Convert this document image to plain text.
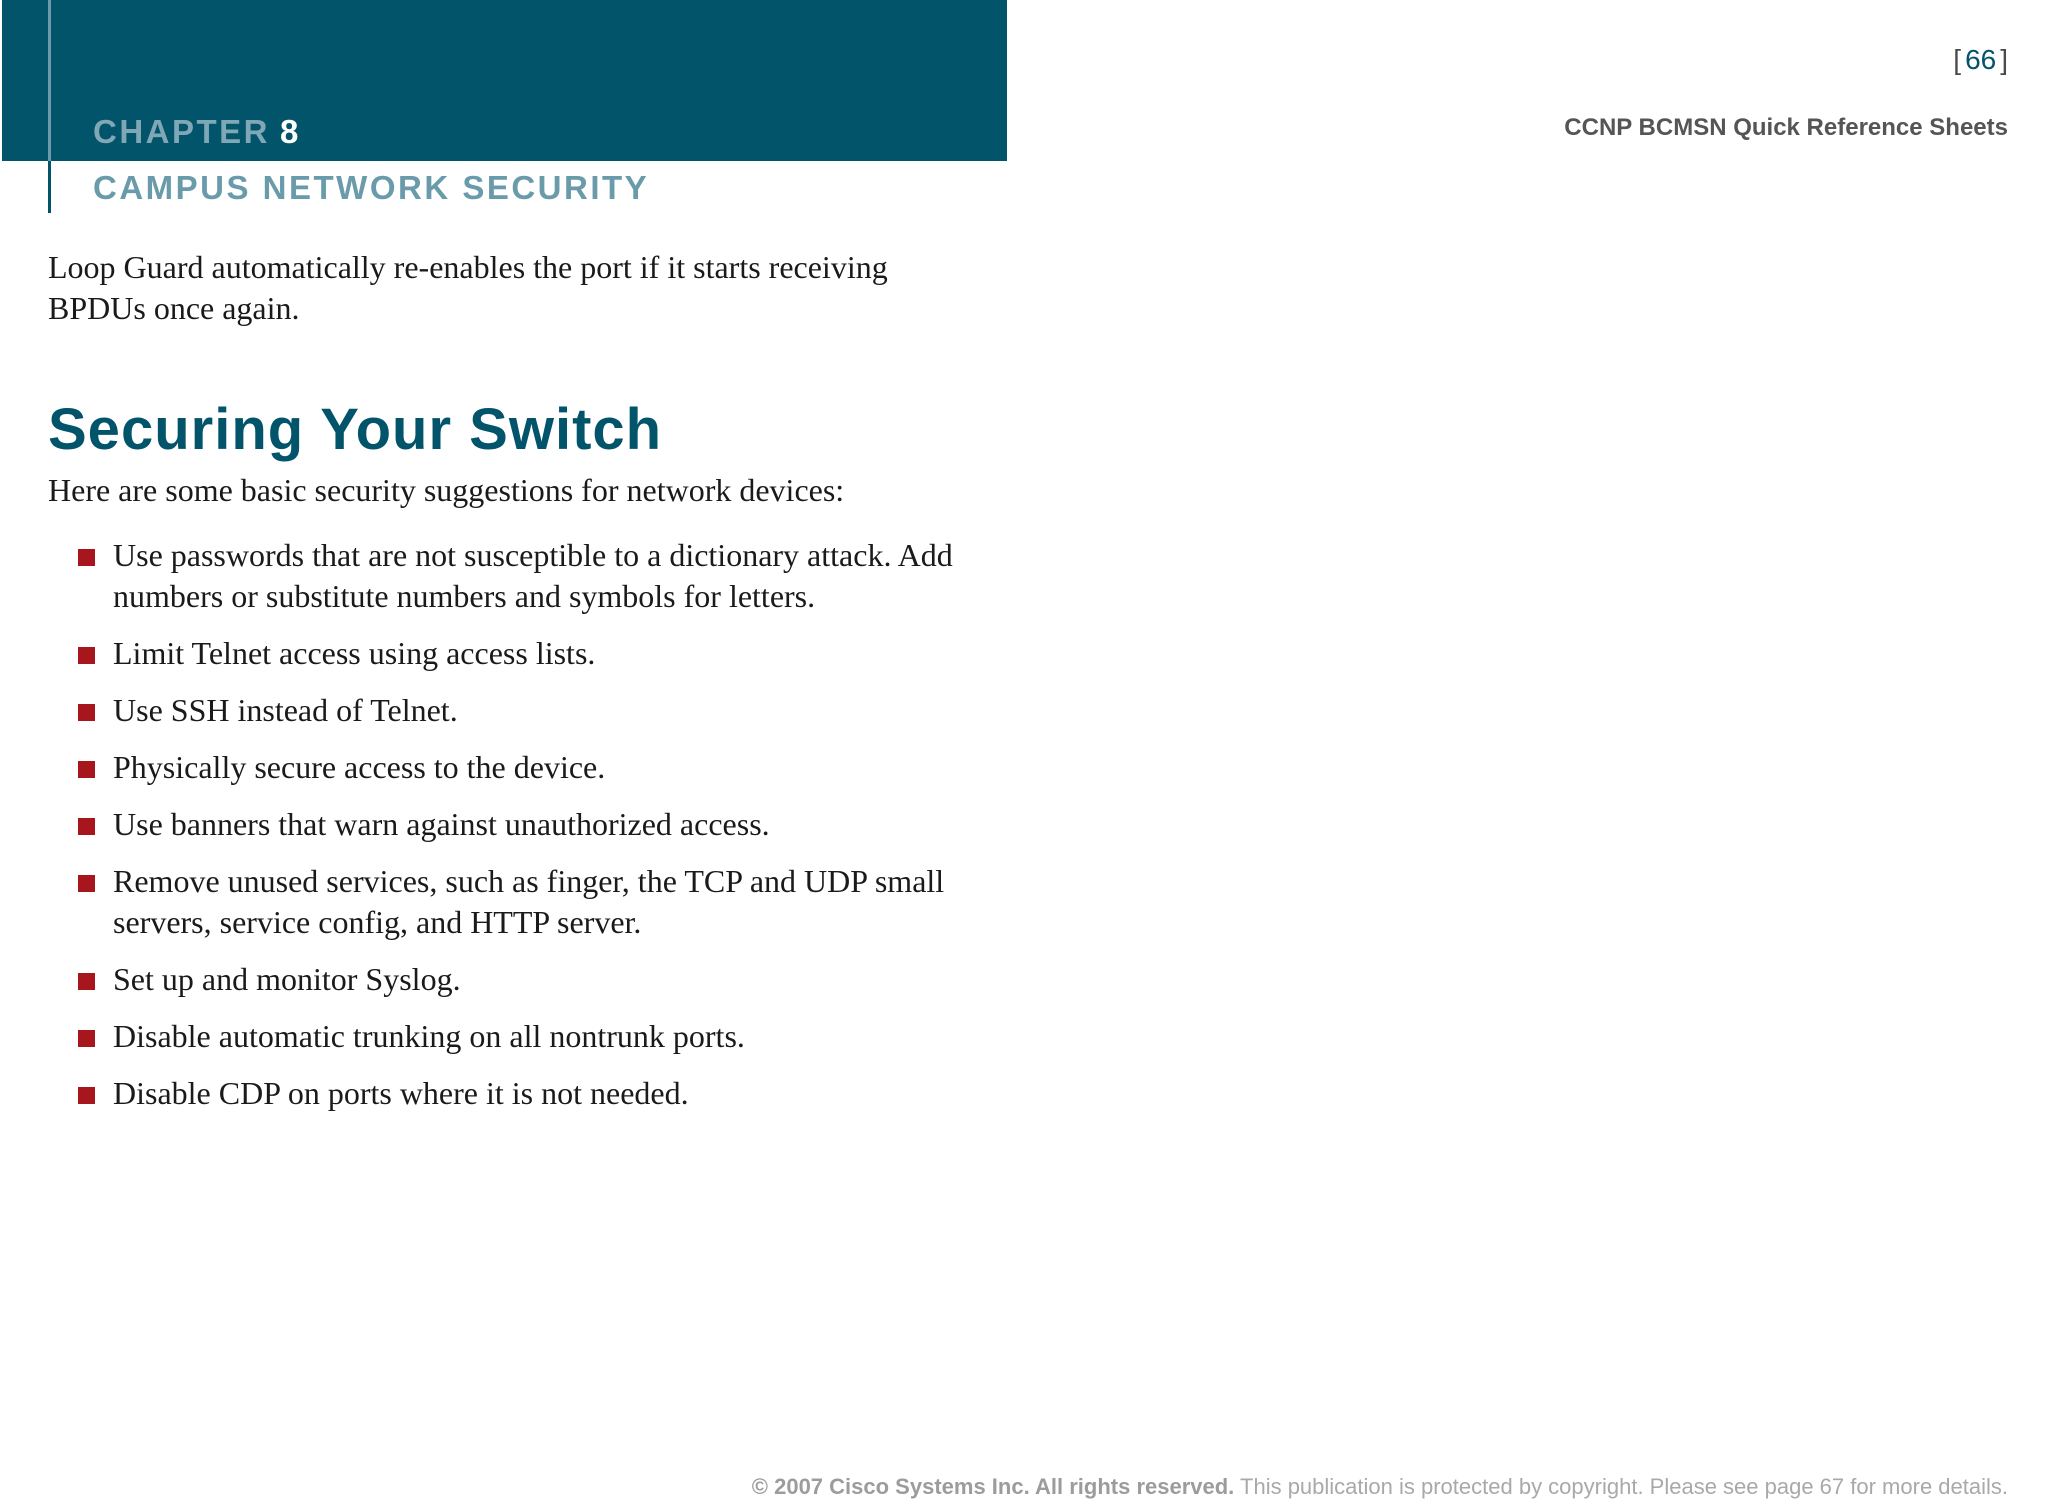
CHAPTER 8
CAMPUS NETWORK SECURITY
[ 66 ]
CCNP BCMSN Quick Reference Sheets

Loop Guard automatically re-enables the port if it starts receiving BPDUs once again.

Securing Your Switch

Here are some basic security suggestions for network devices:

Use passwords that are not susceptible to a dictionary attack. Add numbers or substitute numbers and symbols for letters.
Limit Telnet access using access lists.
Use SSH instead of Telnet.
Physically secure access to the device.
Use banners that warn against unauthorized access.
Remove unused services, such as finger, the TCP and UDP small servers, service config, and HTTP server.
Set up and monitor Syslog.
Disable automatic trunking on all nontrunk ports.
Disable CDP on ports where it is not needed.
© 2007 Cisco Systems Inc. All rights reserved. This publication is protected by copyright. Please see page 67 for more details.
